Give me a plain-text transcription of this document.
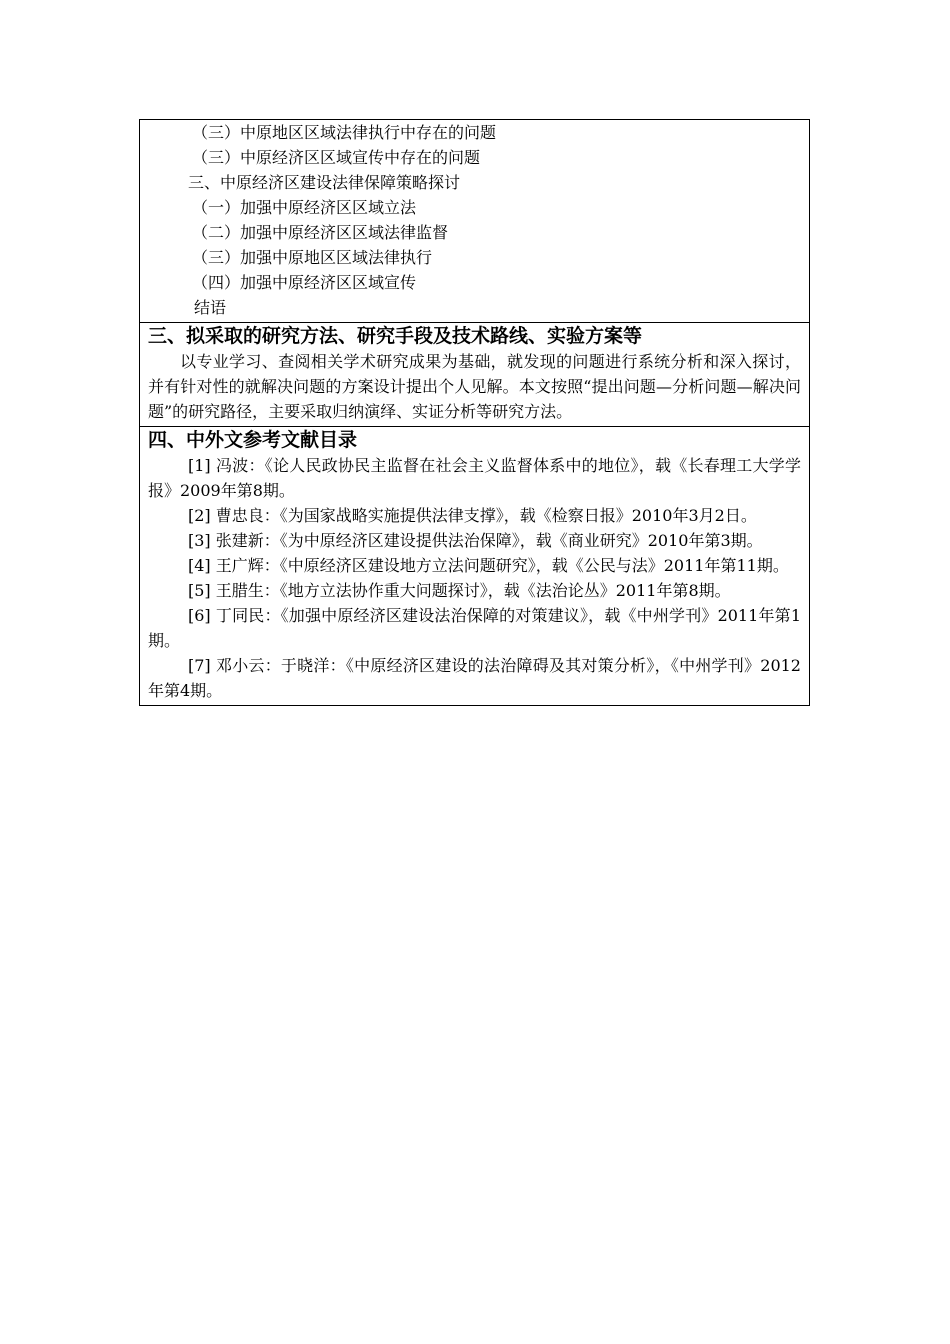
（三）中原地区区域法律执行中存在的问题
（三）中原经济区区域宣传中存在的问题
三、中原经济区建设法律保障策略探讨
（一）加强中原经济区区域立法
（二）加强中原经济区区域法律监督
（三）加强中原地区区域法律执行
（四）加强中原经济区区域宣传
结语
三、拟采取的研究方法、研究手段及技术路线、实验方案等
以专业学习、查阅相关学术研究成果为基础，就发现的问题进行系统分析和深入探讨，并有针对性的就解决问题的方案设计提出个人见解。本文按照“提出问题—分析问题—解决问题”的研究路径，主要采取归纳演绎、实证分析等研究方法。
四、中外文参考文献目录
[1] 冯波：《论人民政协民主监督在社会主义监督体系中的地位》，载《长春理工大学学报》2009年第8期。
[2] 曹忠良：《为国家战略实施提供法律支撑》，载《检察日报》2010年3月2日。
[3] 张建新：《为中原经济区建设提供法治保障》，载《商业研究》2010年第3期。
[4] 王广辉：《中原经济区建设地方立法问题研究》，载《公民与法》2011年第11期。
[5] 王腊生：《地方立法协作重大问题探讨》，载《法治论丛》2011年第8期。
[6] 丁同民：《加强中原经济区建设法治保障的对策建议》，载《中州学刊》2011年第1期。
[7] 邓小云：于晓洋：《中原经济区建设的法治障碍及其对策分析》，《中州学刊》2012年第4期。
